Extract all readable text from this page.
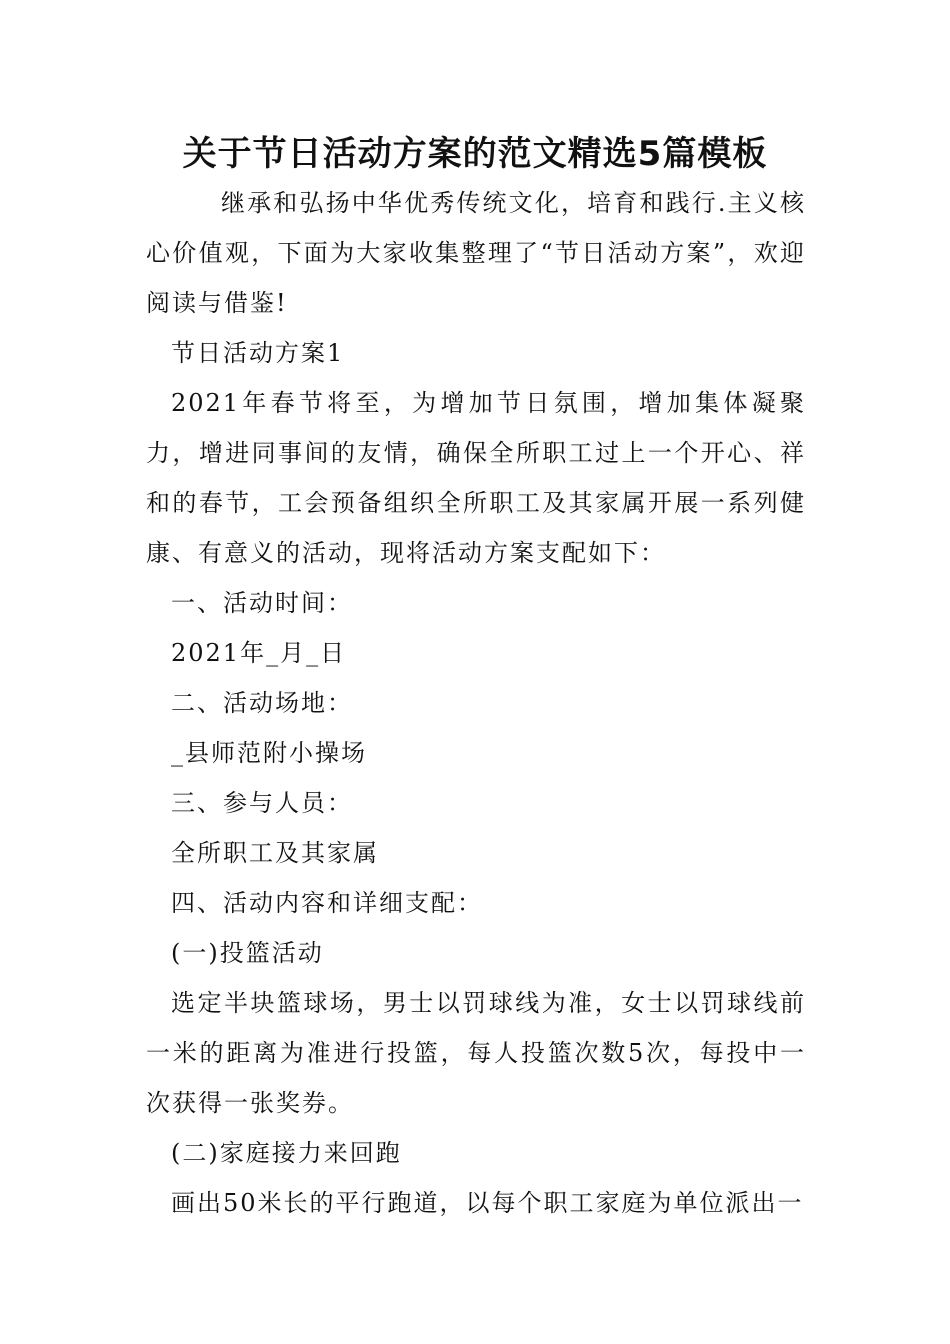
关于节日活动方案的范文精选5篇模板

继承和弘扬中华优秀传统文化，培育和践行.主义核心价值观，下面为大家收集整理了“节日活动方案”，欢迎阅读与借鉴!

节日活动方案1

2021年春节将至，为增加节日氛围，增加集体凝聚力，增进同事间的友情，确保全所职工过上一个开心、祥和的春节，工会预备组织全所职工及其家属开展一系列健康、有意义的活动，现将活动方案支配如下：

一、活动时间：

2021年_月_日

二、活动场地：

_县师范附小操场

三、参与人员：

全所职工及其家属

四、活动内容和详细支配：

(一)投篮活动

选定半块篮球场，男士以罚球线为准，女士以罚球线前一米的距离为准进行投篮，每人投篮次数5次，每投中一次获得一张奖券。

(二)家庭接力来回跑

画出50米长的平行跑道，以每个职工家庭为单位派出一
